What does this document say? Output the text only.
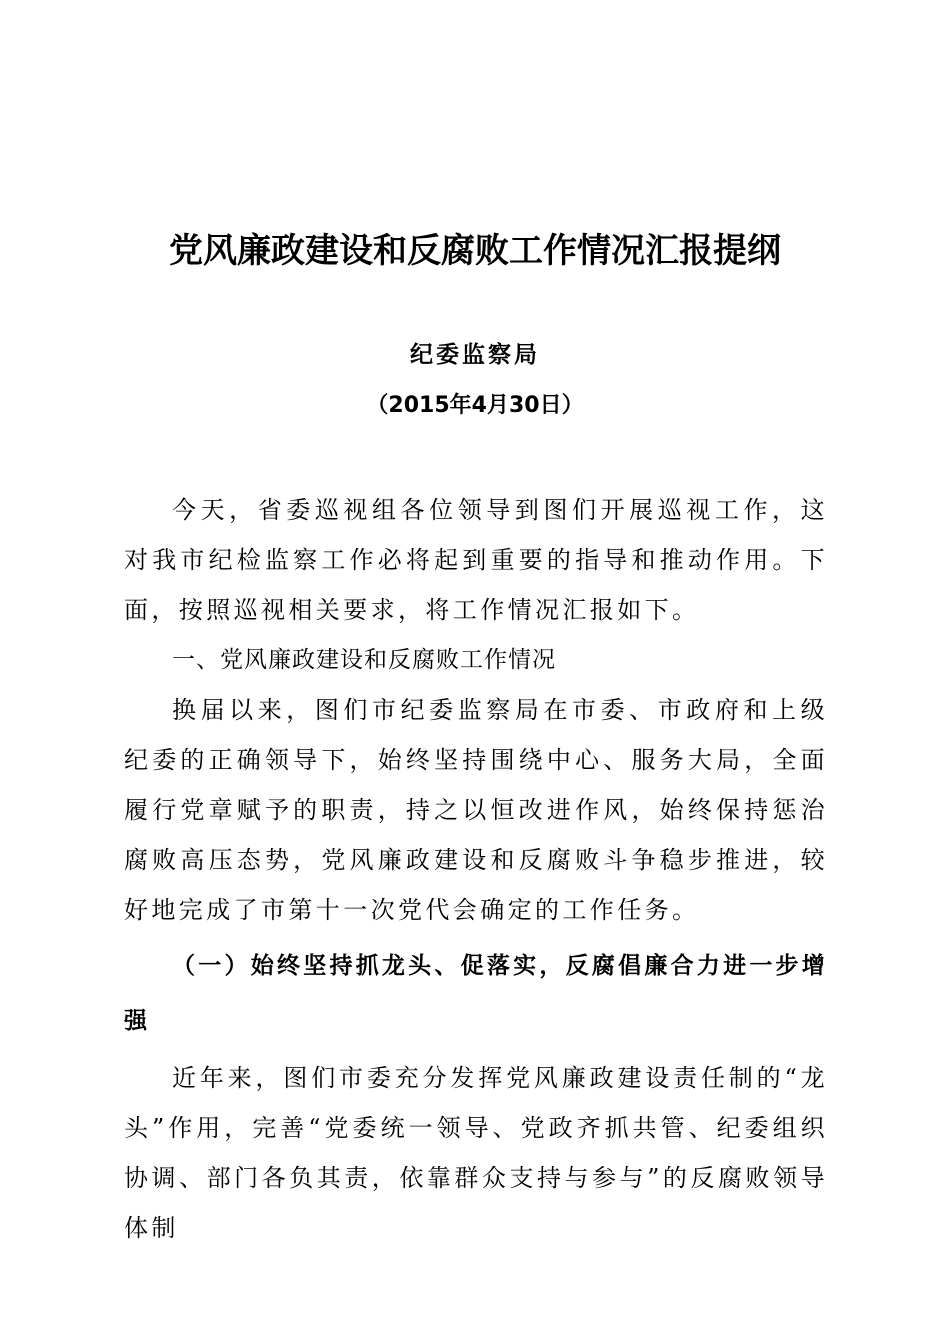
党风廉政建设和反腐败工作情况汇报提纲
纪委监察局
（2015年4月30日）

今天，省委巡视组各位领导到图们开展巡视工作，这对我市纪检监察工作必将起到重要的指导和推动作用。下面，按照巡视相关要求，将工作情况汇报如下。

一、党风廉政建设和反腐败工作情况

换届以来，图们市纪委监察局在市委、市政府和上级纪委的正确领导下，始终坚持围绕中心、服务大局，全面履行党章赋予的职责，持之以恒改进作风，始终保持惩治腐败高压态势，党风廉政建设和反腐败斗争稳步推进，较好地完成了市第十一次党代会确定的工作任务。

（一）始终坚持抓龙头、促落实，反腐倡廉合力进一步增强

近年来，图们市委充分发挥党风廉政建设责任制的“龙头”作用，完善“党委统一领导、党政齐抓共管、纪委组织协调、部门各负其责，依靠群众支持与参与”的反腐败领导体制
